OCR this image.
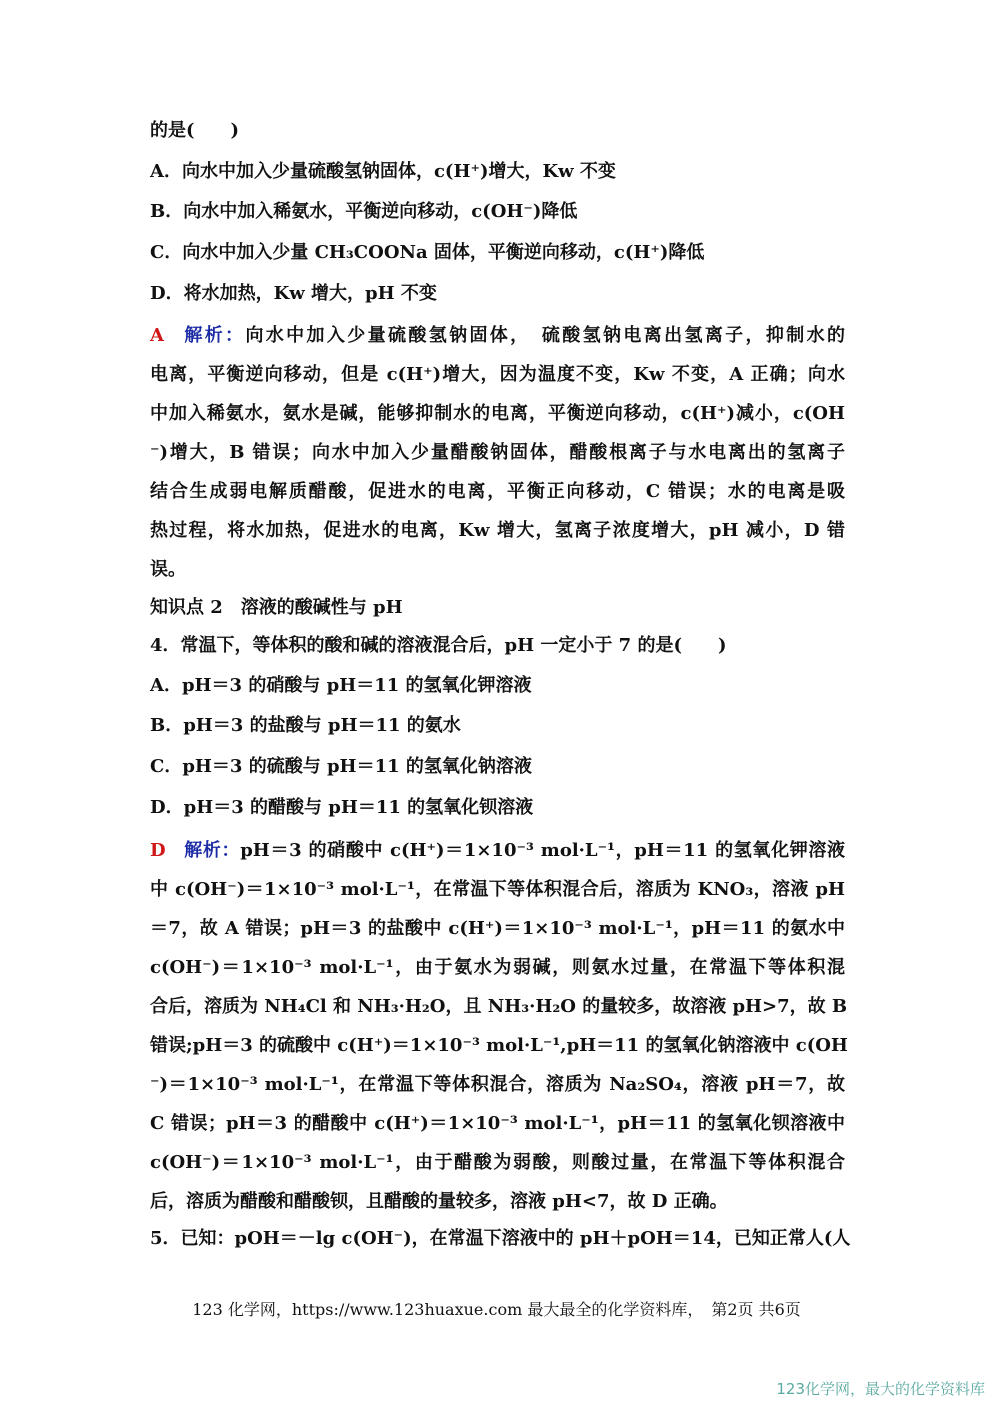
的是(　　)
A．向水中加入少量硫酸氢钠固体，c(H⁺)增大，Kw 不变
B．向水中加入稀氨水，平衡逆向移动，c(OH⁻)降低
C．向水中加入少量 CH₃COONa 固体，平衡逆向移动，c(H⁺)降低
D．将水加热，Kw 增大，pH 不变
A 解析：向水中加入少量硫酸氢钠固体，　硫酸氢钠电离出氢离子，抑制水的
电离，平衡逆向移动，但是 c(H⁺)增大，因为温度不变，Kw 不变，A 正确；向水
中加入稀氨水，氨水是碱，能够抑制水的电离，平衡逆向移动，c(H⁺)减小，c(OH
⁻)增大，B 错误；向水中加入少量醋酸钠固体，醋酸根离子与水电离出的氢离子
结合生成弱电解质醋酸，促进水的电离，平衡正向移动，C 错误；水的电离是吸
热过程，将水加热，促进水的电离，Kw 增大，氢离子浓度增大，pH 减小，D 错
误。
知识点 2　溶液的酸碱性与 pH
4．常温下，等体积的酸和碱的溶液混合后，pH 一定小于 7 的是(　　)
A．pH＝3 的硝酸与 pH＝11 的氢氧化钾溶液
B．pH＝3 的盐酸与 pH＝11 的氨水
C．pH＝3 的硫酸与 pH＝11 的氢氧化钠溶液
D．pH＝3 的醋酸与 pH＝11 的氢氧化钡溶液
D 解析：pH＝3 的硝酸中 c(H⁺)＝1×10⁻³ mol·L⁻¹，pH＝11 的氢氧化钾溶液
中 c(OH⁻)＝1×10⁻³ mol·L⁻¹，在常温下等体积混合后，溶质为 KNO₃，溶液 pH
＝7，故 A 错误；pH＝3 的盐酸中 c(H⁺)＝1×10⁻³ mol·L⁻¹，pH＝11 的氨水中
c(OH⁻)＝1×10⁻³ mol·L⁻¹，由于氨水为弱碱，则氨水过量，在常温下等体积混
合后，溶质为 NH₄Cl 和 NH₃·H₂O，且 NH₃·H₂O 的量较多，故溶液 pH>7，故 B
错误;pH＝3 的硫酸中 c(H⁺)＝1×10⁻³ mol·L⁻¹,pH＝11 的氢氧化钠溶液中 c(OH
⁻)＝1×10⁻³ mol·L⁻¹，在常温下等体积混合，溶质为 Na₂SO₄，溶液 pH＝7，故
C 错误；pH＝3 的醋酸中 c(H⁺)＝1×10⁻³ mol·L⁻¹，pH＝11 的氢氧化钡溶液中
c(OH⁻)＝1×10⁻³ mol·L⁻¹，由于醋酸为弱酸，则酸过量，在常温下等体积混合
后，溶质为醋酸和醋酸钡，且醋酸的量较多，溶液 pH<7，故 D 正确。
5．已知：pOH＝－lg c(OH⁻)，在常温下溶液中的 pH＋pOH＝14，已知正常人(人
123 化学网，https://www.123huaxue.com 最大最全的化学资料库，　第2页 共6页
123化学网，最大的化学资料库
